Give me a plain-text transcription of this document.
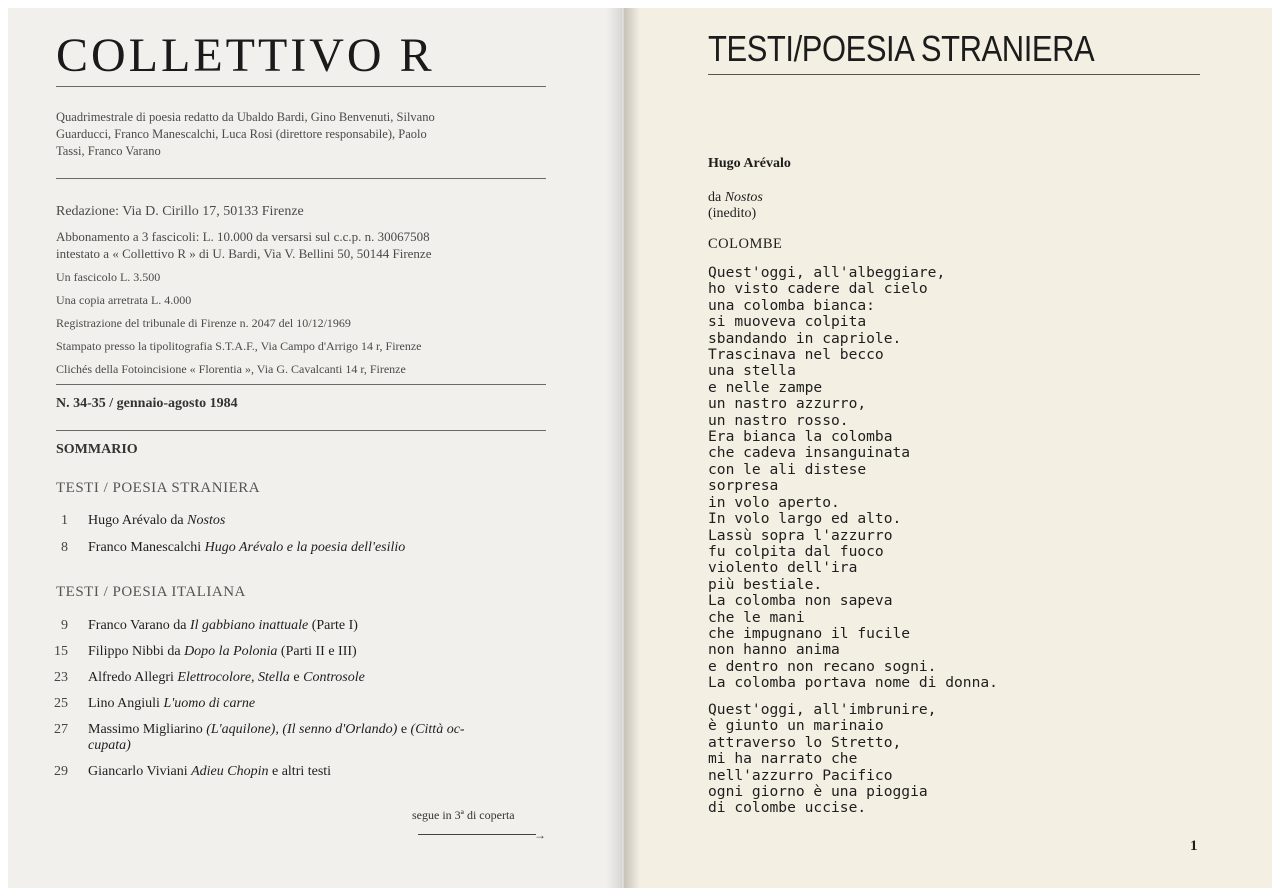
COLLETTIVO R

Quadrimestrale di poesia redatto da Ubaldo Bardi, Gino Benvenuti, Silvano

Guarducci, Franco Manescalchi, Luca Rosi (direttore responsabile), Paolo

Tassi, Franco Varano

Redazione: Via D. Cirillo 17, 50133 Firenze

Abbonamento a 3 fascicoli: L. 10.000 da versarsi sul c.c.p. n. 30067508

intestato a « Collettivo R » di U. Bardi, Via V. Bellini 50, 50144 Firenze

Un fascicolo L. 3.500

Una copia arretrata L. 4.000

Registrazione del tribunale di Firenze n. 2047 del 10/12/1969

Stampato presso la tipolitografia S.T.A.F., Via Campo d'Arrigo 14 r, Firenze

Clichés della Fotoincisione « Florentia », Via G. Cavalcanti 14 r, Firenze

N. 34-35 / gennaio-agosto 1984

SOMMARIO

TESTI / POESIA STRANIERA

1 Hugo Arévalo da Nostos
8 Franco Manescalchi Hugo Arévalo e la poesia dell'esilio

TESTI / POESIA ITALIANA

9 Franco Varano da Il gabbiano inattuale (Parte I)
15 Filippo Nibbi da Dopo la Polonia (Parti II e III)
23 Alfredo Allegri Elettrocolore, Stella e Controsole
25 Lino Angiuli L'uomo di carne
27 Massimo Migliarino (L'aquilone), (Il senno d'Orlando) e (Città oc-
cupata)
29 Giancarlo Viviani Adieu Chopin e altri testi

segue in 3ª di coperta

→
TESTI/POESIA STRANIERA

Hugo Arévalo

da Nostos

(inedito)

COLOMBE

Quest'oggi, all'albeggiare,
ho visto cadere dal cielo
una colomba bianca:
si muoveva colpita
sbandando in capriole.
Trascinava nel becco
una stella
e nelle zampe
un nastro azzurro,
un nastro rosso.
Era bianca la colomba
che cadeva insanguinata
con le ali distese
sorpresa
in volo aperto.
In volo largo ed alto.
Lassù sopra l'azzurro
fu colpita dal fuoco
violento dell'ira
più bestiale.
La colomba non sapeva
che le mani
che impugnano il fucile
non hanno anima
e dentro non recano sogni.
La colomba portava nome di donna.
Quest'oggi, all'imbrunire,
è giunto un marinaio
attraverso lo Stretto,
mi ha narrato che
nell'azzurro Pacifico
ogni giorno è una pioggia
di colombe uccise.

1
